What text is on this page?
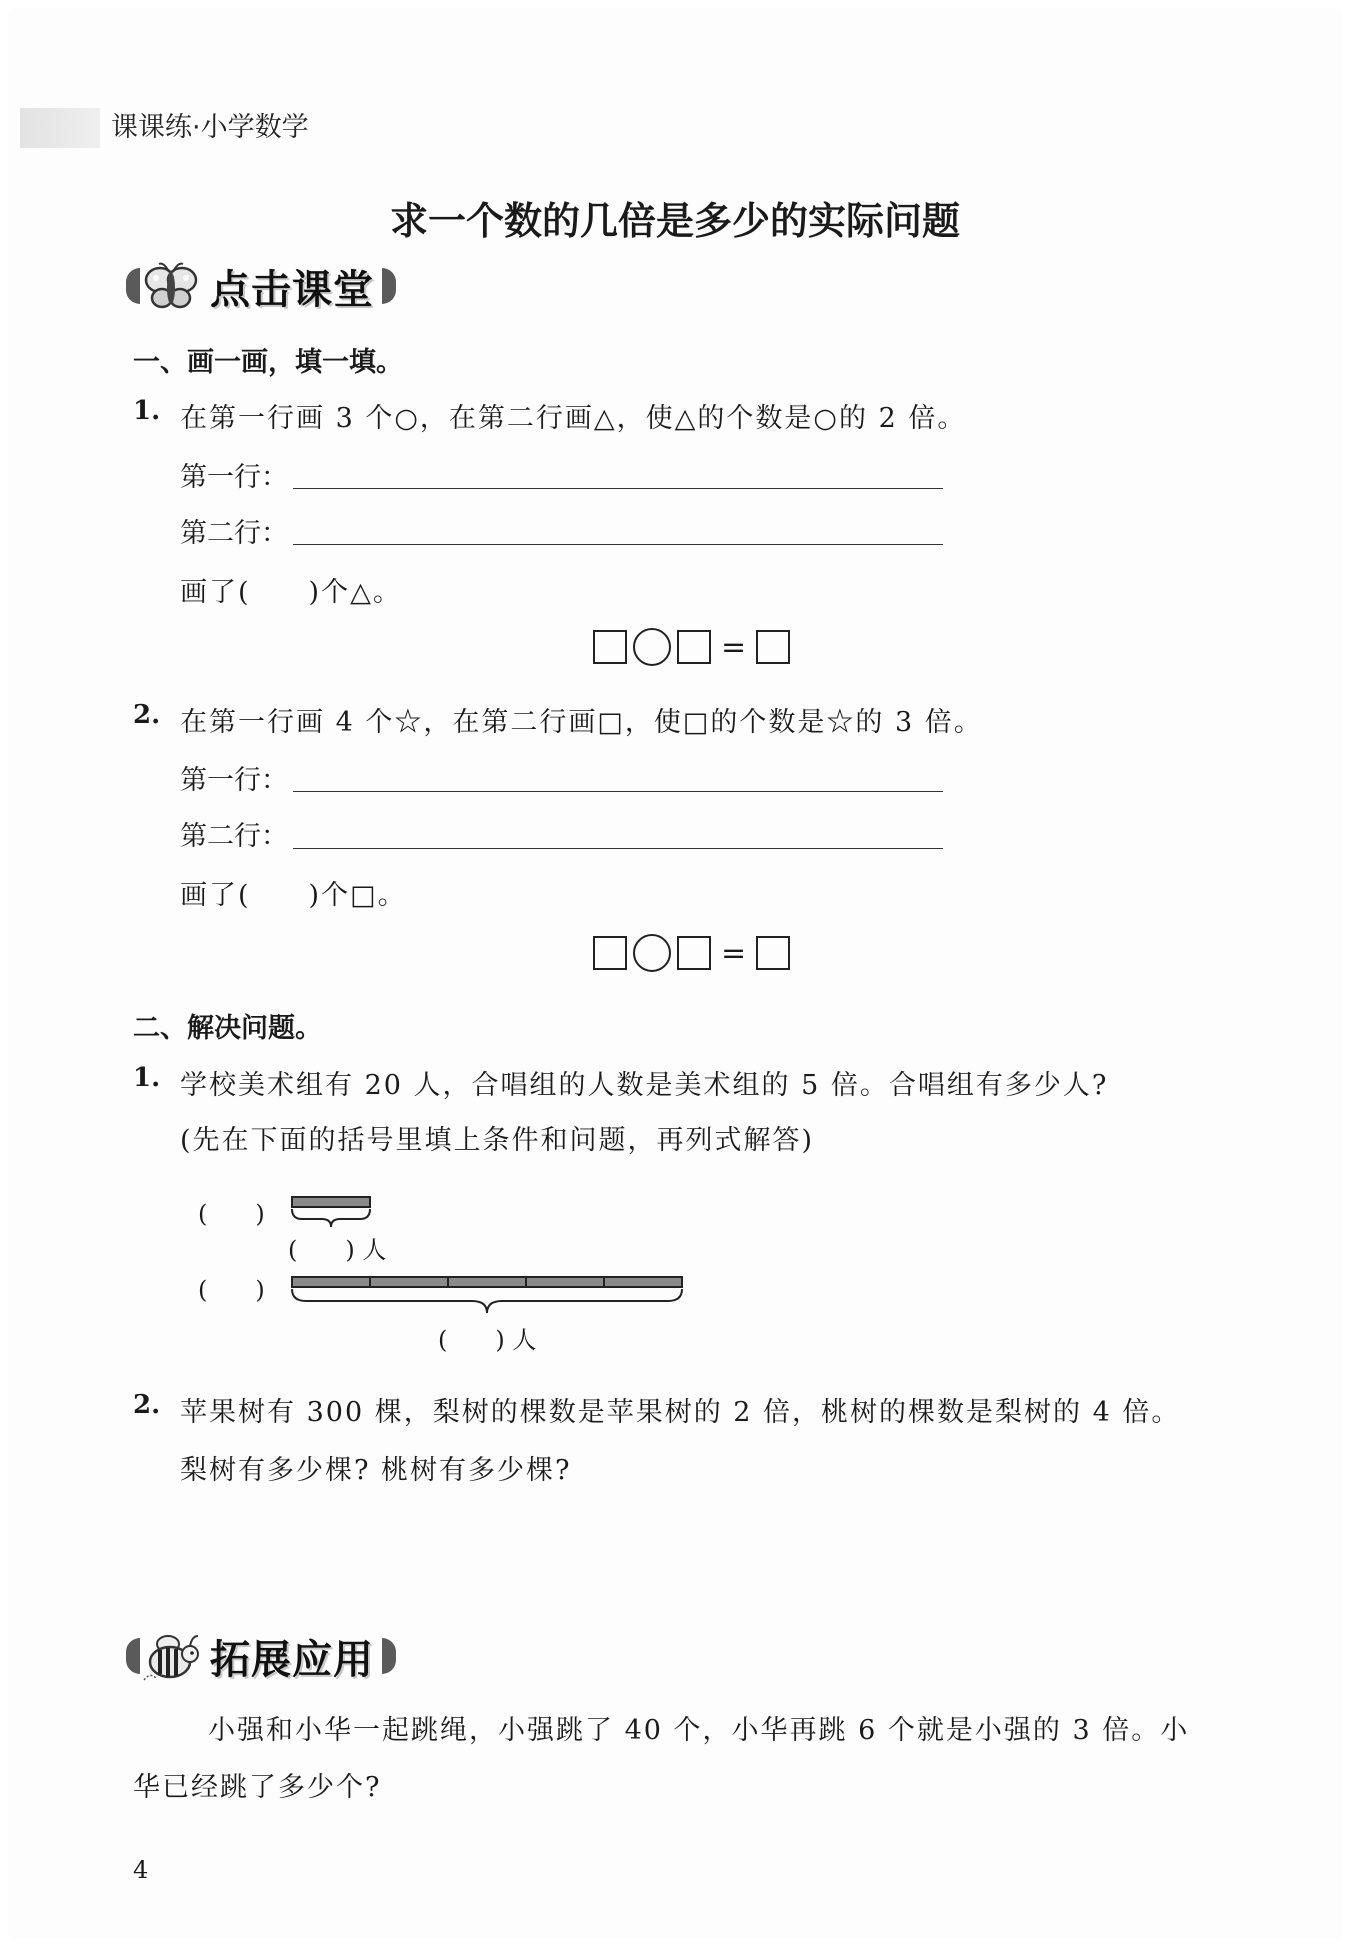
课课练·小学数学
求一个数的几倍是多少的实际问题
点击课堂
一、画一画，填一填。
1. 在第一行画 3 个○，在第二行画△，使△的个数是○的 2 倍。
第一行：
第二行：
画了(　　)个△。
=
2. 在第一行画 4 个☆，在第二行画□，使□的个数是☆的 3 倍。
第一行：
第二行：
画了(　　)个□。
=
二、解决问题。
1. 学校美术组有 20 人，合唱组的人数是美术组的 5 倍。合唱组有多少人?
(先在下面的括号里填上条件和问题，再列式解答)
(　　)
(　　)
(　　) 人
(　　) 人
2. 苹果树有 300 棵，梨树的棵数是苹果树的 2 倍，桃树的棵数是梨树的 4 倍。
梨树有多少棵? 桃树有多少棵?
拓展应用
小强和小华一起跳绳，小强跳了 40 个，小华再跳 6 个就是小强的 3 倍。小
华已经跳了多少个?
4
